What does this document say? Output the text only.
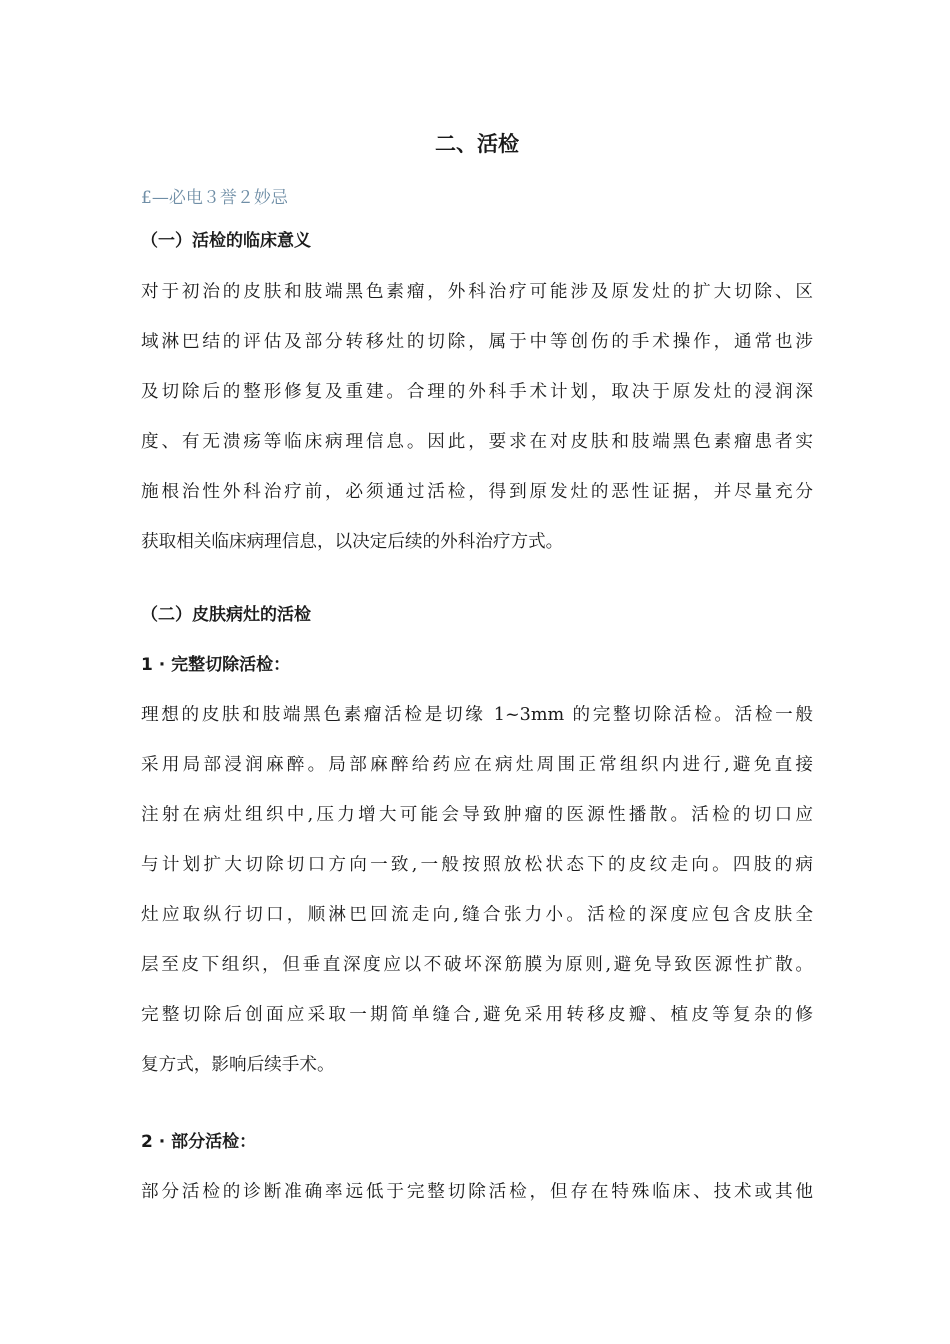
二、活检

£—必电３誉２妙忌

（一）活检的临床意义
对于初治的皮肤和肢端黑色素瘤，外科治疗可能涉及原发灶的扩大切除、区
域淋巴结的评估及部分转移灶的切除，属于中等创伤的手术操作，通常也涉
及切除后的整形修复及重建。合理的外科手术计划，取决于原发灶的浸润深
度、有无溃疡等临床病理信息。因此，要求在对皮肤和肢端黑色素瘤患者实
施根治性外科治疗前，必须通过活检，得到原发灶的恶性证据，并尽量充分
获取相关临床病理信息，以决定后续的外科治疗方式。
（二）皮肤病灶的活检
1 · 完整切除活检：
理想的皮肤和肢端黑色素瘤活检是切缘 1~3mm 的完整切除活检。活检一般
采用局部浸润麻醉。局部麻醉给药应在病灶周围正常组织内进行,避免直接
注射在病灶组织中,压力增大可能会导致肿瘤的医源性播散。活检的切口应
与计划扩大切除切口方向一致,一般按照放松状态下的皮纹走向。四肢的病
灶应取纵行切口，顺淋巴回流走向,缝合张力小。活检的深度应包含皮肤全
层至皮下组织，但垂直深度应以不破坏深筋膜为原则,避免导致医源性扩散。
完整切除后创面应采取一期简单缝合,避免采用转移皮瓣、植皮等复杂的修
复方式，影响后续手术。
2 · 部分活检：
部分活检的诊断准确率远低于完整切除活检，但存在特殊临床、技术或其他
